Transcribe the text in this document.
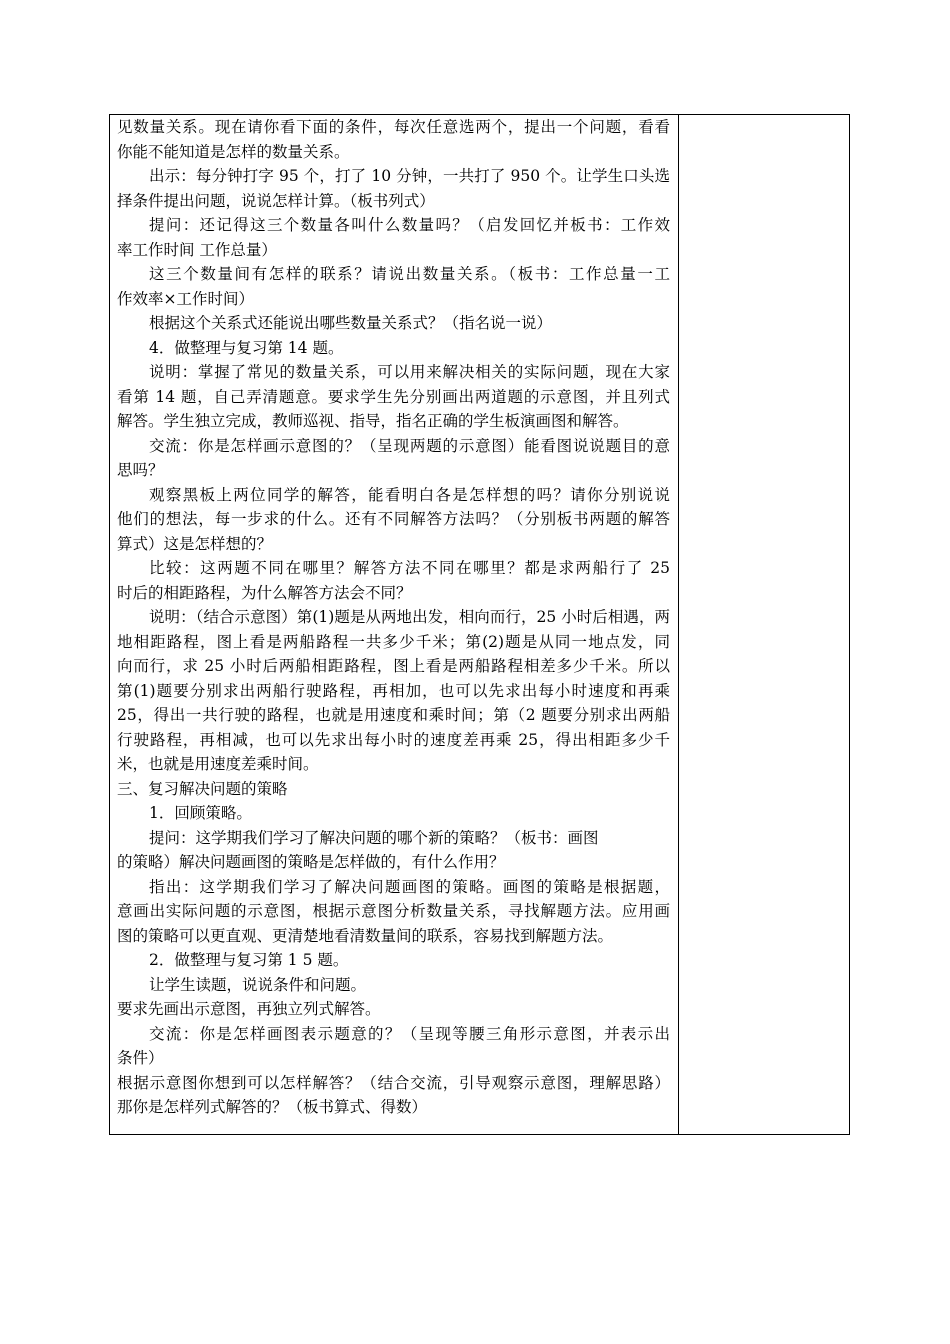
见数量关系。现在请你看下面的条件，每次任意选两个，提出一个问题，看看
你能不能知道是怎样的数量关系。
出示：每分钟打字 95 个，打了 10 分钟，一共打了 950 个。让学生口头选
择条件提出问题，说说怎样计算。（板书列式）
提问：还记得这三个数量各叫什么数量吗？（启发回忆并板书：工作效
率工作时间 工作总量）
这三个数量间有怎样的联系？请说出数量关系。（板书：工作总量一工
作效率×工作时间）
根据这个关系式还能说出哪些数量关系式？（指名说一说）
4．做整理与复习第 14 题。
说明：掌握了常见的数量关系，可以用来解决相关的实际问题，现在大家
看第 14 题，自己弄清题意。要求学生先分别画出两道题的示意图，并且列式
解答。学生独立完成，教师巡视、指导，指名正确的学生板演画图和解答。
交流：你是怎样画示意图的？（呈现两题的示意图）能看图说说题目的意
思吗？
观察黑板上两位同学的解答，能看明白各是怎样想的吗？请你分别说说
他们的想法，每一步求的什么。还有不同解答方法吗？（分别板书两题的解答
算式）这是怎样想的？
比较：这两题不同在哪里？解答方法不同在哪里？都是求两船行了 25
时后的相距路程，为什么解答方法会不同？
说明：（结合示意图）第(1)题是从两地出发，相向而行，25 小时后相遇，两
地相距路程，图上看是两船路程一共多少千米；第(2)题是从同一地点发，同
向而行，求 25 小时后两船相距路程，图上看是两船路程相差多少千米。所以
第(1)题要分别求出两船行驶路程，再相加，也可以先求出每小时速度和再乘
25，得出一共行驶的路程，也就是用速度和乘时间；第（2 题要分别求出两船
行驶路程，再相减，也可以先求出每小时的速度差再乘 25，得出相距多少千
米，也就是用速度差乘时间。
三、复习解决问题的策略
1．回顾策略。
提问：这学期我们学习了解决问题的哪个新的策略？（板书：画图
的策略）解决问题画图的策略是怎样做的，有什么作用？
指出：这学期我们学习了解决问题画图的策略。画图的策略是根据题，
意画出实际问题的示意图，根据示意图分析数量关系，寻找解题方法。应用画
图的策略可以更直观、更清楚地看清数量间的联系，容易找到解题方法。
2．做整理与复习第 1 5 题。
让学生读题，说说条件和问题。
要求先画出示意图，再独立列式解答。
交流：你是怎样画图表示题意的？（呈现等腰三角形示意图，并表示出
条件）
根据示意图你想到可以怎样解答？（结合交流，引导观察示意图，理解思路）
那你是怎样列式解答的？（板书算式、得数）
